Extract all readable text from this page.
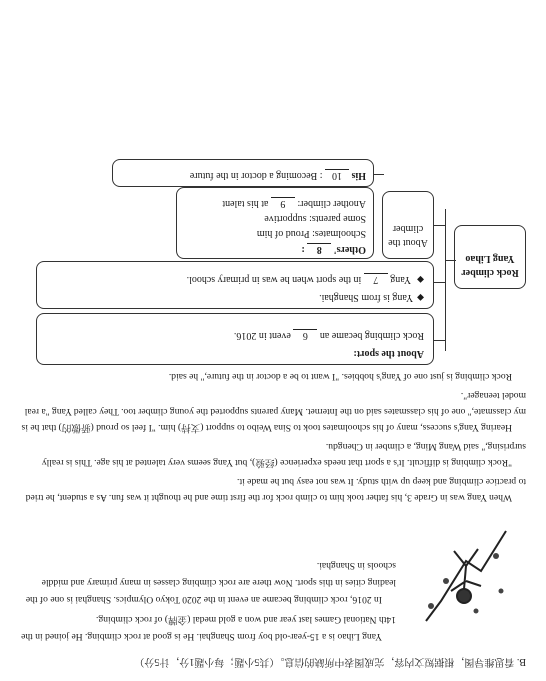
B. 看思维导图，根据短文内容，完成图表中所缺的信息。（共5小题；每小题1分，计5分）

Yang Lihao is a 15-year-old boy from Shanghai. He is good at rock climbing. He joined in the 14th National Games last year and won a gold medal (金牌) of rock climbing.

In 2016, rock climbing became an event in the 2020 Tokyo Olympics. Shanghai is one of the leading cities in this sport. Now there are rock climbing classes in many primary and middle schools in Shanghai.

When Yang was in Grade 3, his father took him to climb rock for the first time and he thought it was fun. As a student, he tried to practice climbing and keep up with study. It was not easy but he made it.

"Rock climbing is difficult. It's a sport that needs experience (经验), but Yang seems very talented at his age. This is really surprising," said Wang Ming, a climber in Chengdu.

Hearing Yang's success, many of his schoolmates took to Sina Weibo to support (支持) him. "I feel so proud (骄傲的) that he is my classmate," one of his classmates said on the Internet. Many parents supported the young climber too. They called Yang "a real model teenager".

Rock climbing is just one of Yang's hobbies. "I want to be a doctor in the future," he said.

Rock climber Yang Lihao
About the sport:
Rock climbing became an 6 event in 2016.
◆ Yang is from Shanghai.
◆ Yang 7 in the sport when he was in primary school.
About the climber
Others' 8 :
Schoolmates: Proud of him
Some parents: supportive
Another climber: 9 at his talent
His 10 : Becoming a doctor in the future
